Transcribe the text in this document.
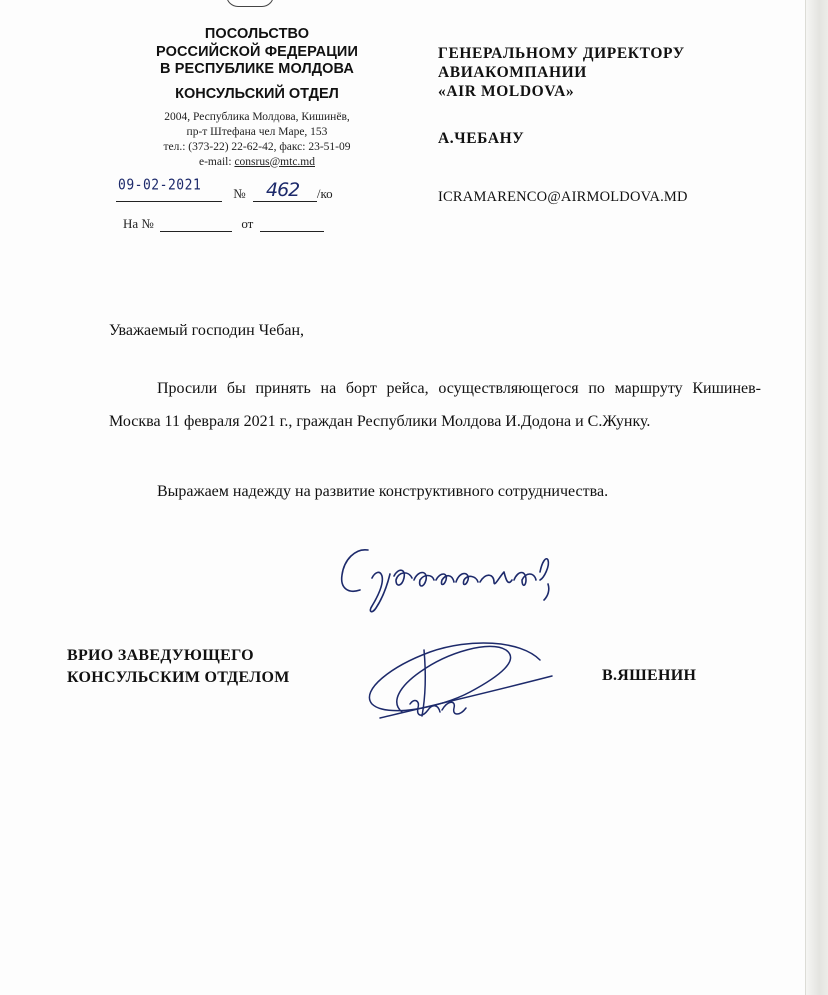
ПОСОЛЬСТВО
РОССИЙСКОЙ ФЕДЕРАЦИИ
В РЕСПУБЛИКЕ МОЛДОВА
КОНСУЛЬСКИЙ ОТДЕЛ
2004, Республика Молдова, Кишинёв,
пр-т Штефана чел Маре, 153
тел.: (373-22) 22-62-42, факс: 23-51-09
e-mail: consrus@mtc.md
№	/ко
09-02-2021	462
На №	от
ГЕНЕРАЛЬНОМУ ДИРЕКТОРУ
АВИАКОМПАНИИ
«AIR MOLDOVA»
А.ЧЕБАНУ
ICRAMARENCO@AIRMOLDOVA.MD
Уважаемый господин Чебан,

Просили бы принять на борт рейса, осуществляющегося по маршруту Кишинев-Москва 11 февраля 2021 г., граждан Республики Молдова И.Додона и С.Жунку.

Выражаем надежду на развитие конструктивного сотрудничества.

ВРИО ЗАВЕДУЮЩЕГО
КОНСУЛЬСКИМ ОТДЕЛОМ	В.ЯШЕНИН
